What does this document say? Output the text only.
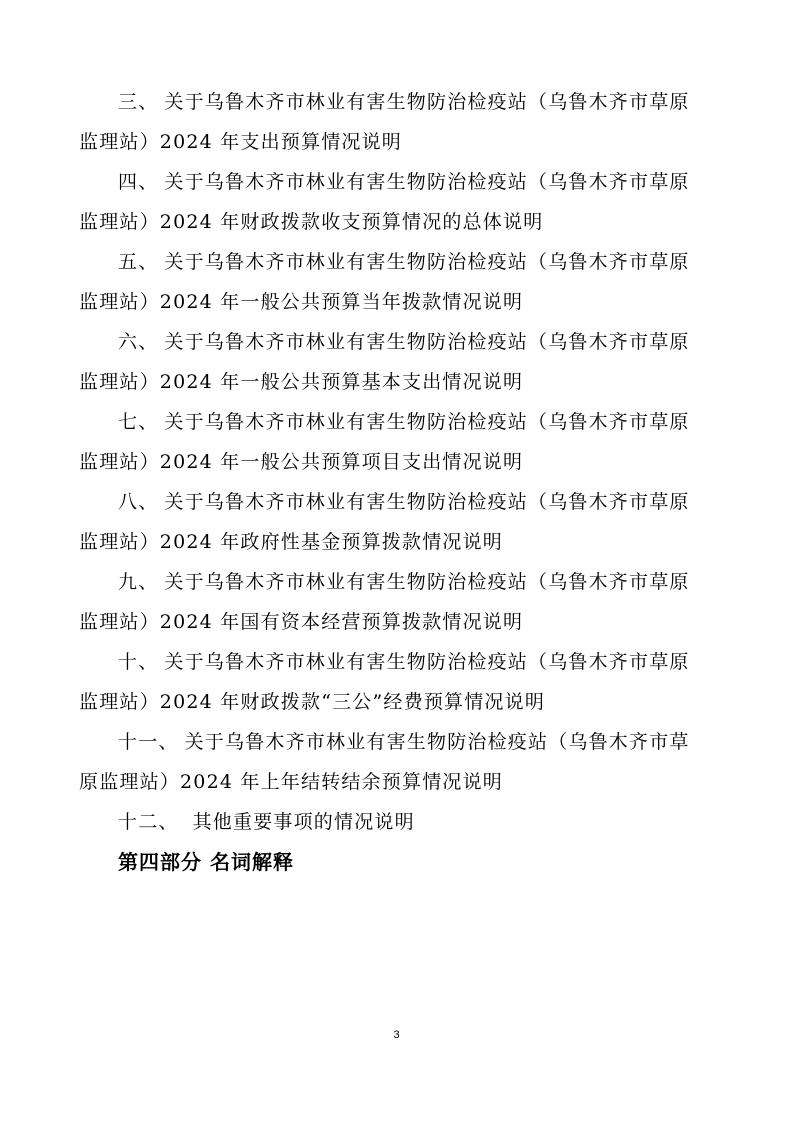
三、 关于乌鲁木齐市林业有害生物防治检疫站（乌鲁木齐市草原

监理站）2024 年支出预算情况说明

四、 关于乌鲁木齐市林业有害生物防治检疫站（乌鲁木齐市草原

监理站）2024 年财政拨款收支预算情况的总体说明

五、 关于乌鲁木齐市林业有害生物防治检疫站（乌鲁木齐市草原

监理站）2024 年一般公共预算当年拨款情况说明

六、 关于乌鲁木齐市林业有害生物防治检疫站（乌鲁木齐市草原

监理站）2024 年一般公共预算基本支出情况说明

七、 关于乌鲁木齐市林业有害生物防治检疫站（乌鲁木齐市草原

监理站）2024 年一般公共预算项目支出情况说明

八、 关于乌鲁木齐市林业有害生物防治检疫站（乌鲁木齐市草原

监理站）2024 年政府性基金预算拨款情况说明

九、 关于乌鲁木齐市林业有害生物防治检疫站（乌鲁木齐市草原

监理站）2024 年国有资本经营预算拨款情况说明

十、 关于乌鲁木齐市林业有害生物防治检疫站（乌鲁木齐市草原

监理站）2024 年财政拨款“三公”经费预算情况说明

十一、 关于乌鲁木齐市林业有害生物防治检疫站（乌鲁木齐市草

原监理站）2024 年上年结转结余预算情况说明

十二、 其他重要事项的情况说明

第四部分 名词解释
3
